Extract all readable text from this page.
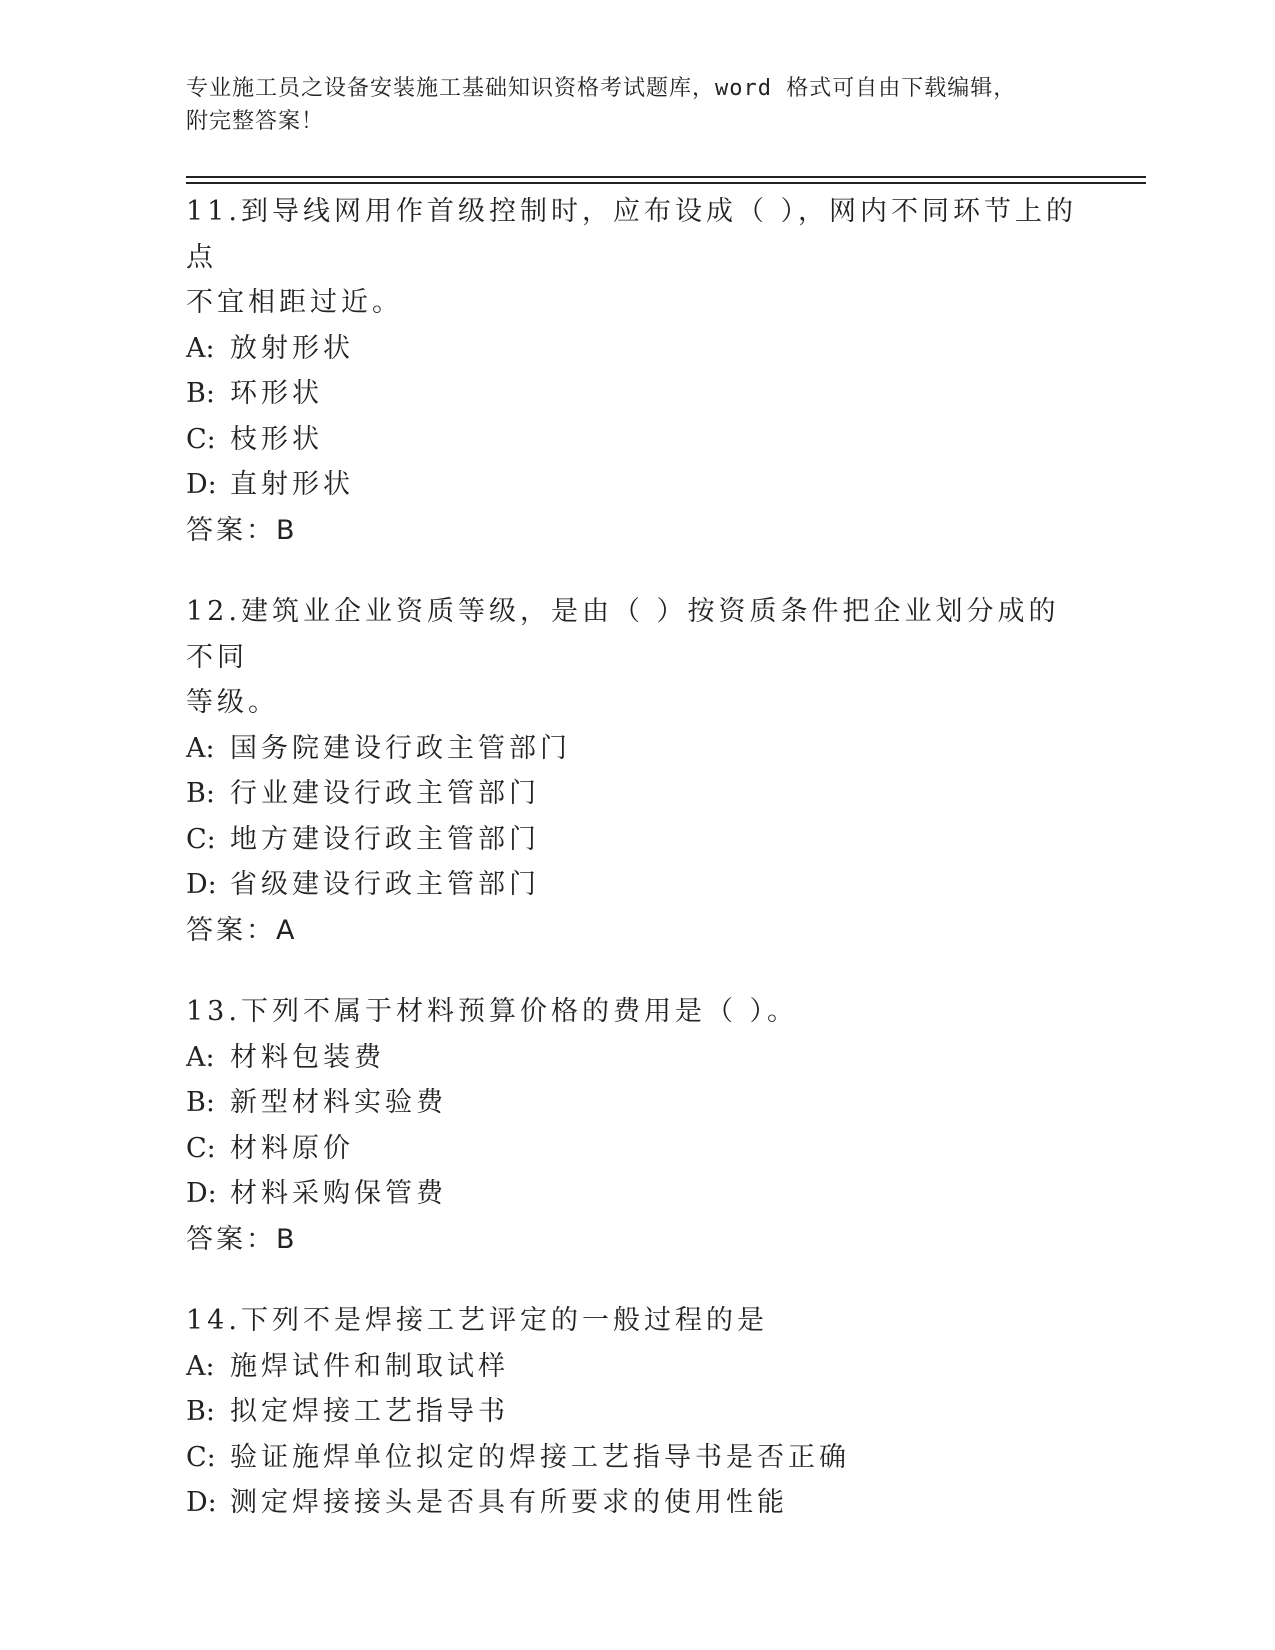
专业施工员之设备安装施工基础知识资格考试题库，word 格式可自由下载编辑，
附完整答案！
11.到导线网用作首级控制时，应布设成（ ），网内不同环节上的点
不宜相距过近。
A: 放射形状
B: 环形状
C: 枝形状
D: 直射形状
答案：B
12.建筑业企业资质等级，是由（ ）按资质条件把企业划分成的不同
等级。
A: 国务院建设行政主管部门
B: 行业建设行政主管部门
C: 地方建设行政主管部门
D: 省级建设行政主管部门
答案：A
13.下列不属于材料预算价格的费用是（ ）。
A: 材料包装费
B: 新型材料实验费
C: 材料原价
D: 材料采购保管费
答案：B
14.下列不是焊接工艺评定的一般过程的是
A: 施焊试件和制取试样
B: 拟定焊接工艺指导书
C: 验证施焊单位拟定的焊接工艺指导书是否正确
D: 测定焊接接头是否具有所要求的使用性能
